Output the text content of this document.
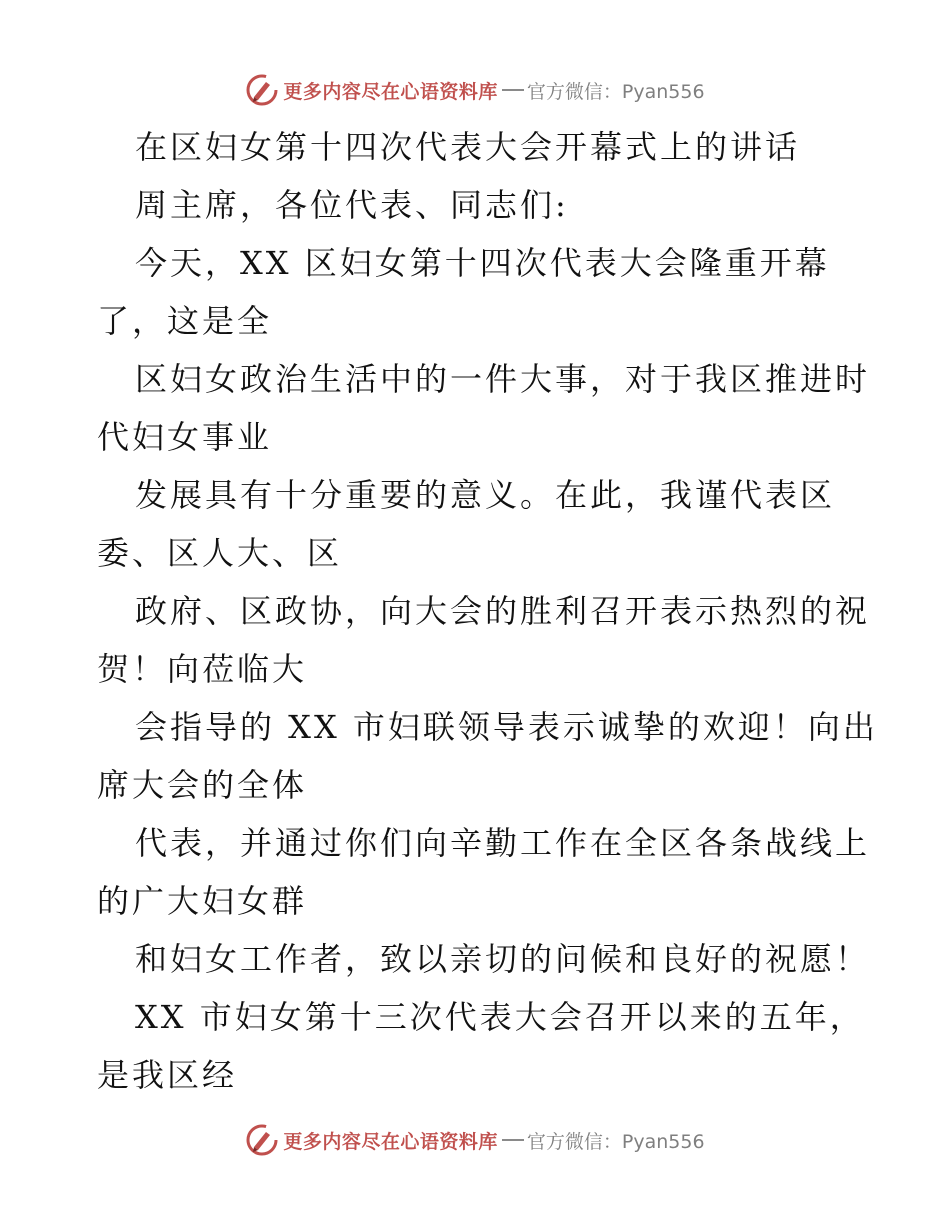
更多内容尽在心语资料库 官方微信：Pyan556
在区妇女第十四次代表大会开幕式上的讲话
周主席，各位代表、同志们:
今天，XX 区妇女第十四次代表大会隆重开幕
了，这是全
区妇女政治生活中的一件大事，对于我区推进时
代妇女事业
发展具有十分重要的意义。在此，我谨代表区
委、区人大、区
政府、区政协，向大会的胜利召开表示热烈的祝
贺！向莅临大
会指导的 XX 市妇联领导表示诚挚的欢迎！向出
席大会的全体
代表，并通过你们向辛勤工作在全区各条战线上
的广大妇女群
和妇女工作者，致以亲切的问候和良好的祝愿！
XX 市妇女第十三次代表大会召开以来的五年，
是我区经
更多内容尽在心语资料库 官方微信：Pyan556
